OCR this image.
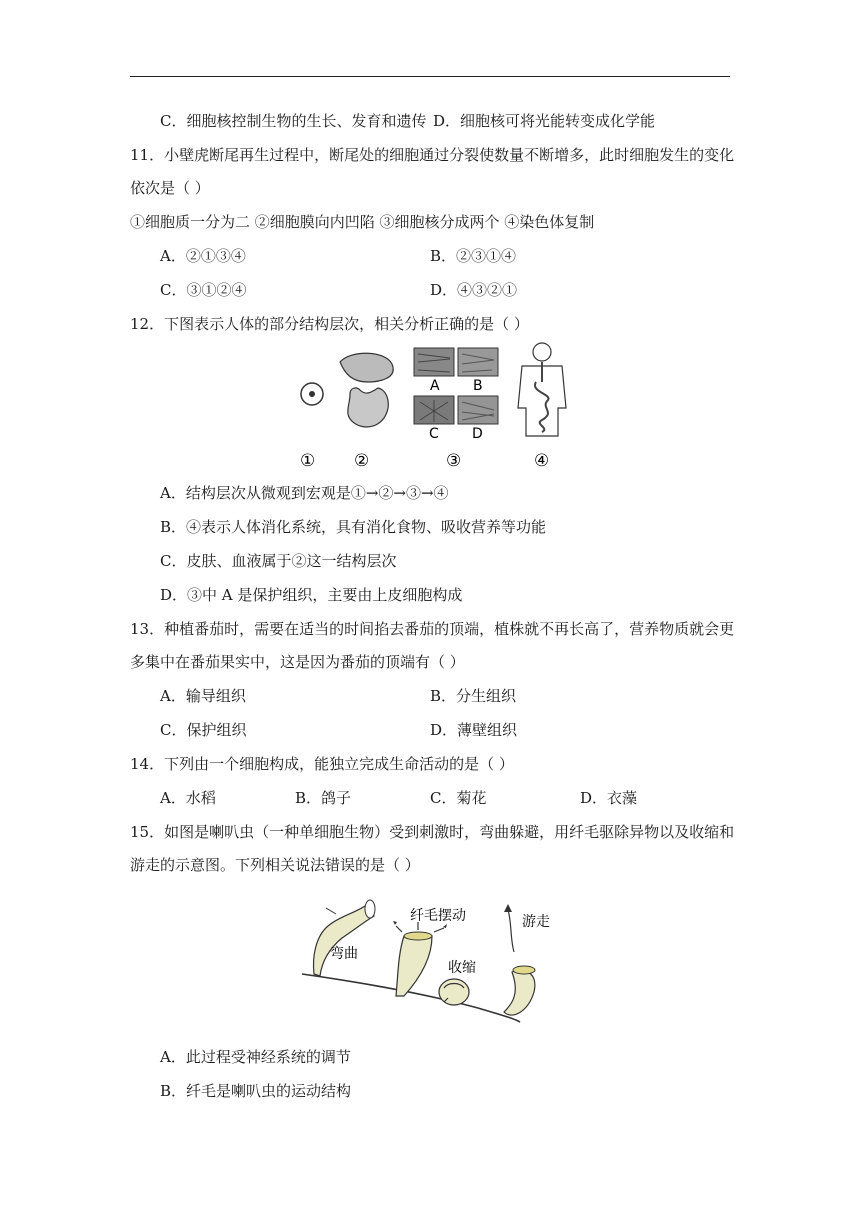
C．细胞核控制生物的生长、发育和遗传 D．细胞核可将光能转变成化学能
11．小壁虎断尾再生过程中，断尾处的细胞通过分裂使数量不断增多，此时细胞发生的变化
依次是（ ）
①细胞质一分为二 ②细胞膜向内凹陷 ③细胞核分成两个 ④染色体复制
A．②①③④	B．②③①④
C．③①②④	D．④③②①
12．下图表示人体的部分结构层次，相关分析正确的是（ ）
A B
C D
① ②	③	④
A．结构层次从微观到宏观是①→②→③→④
B．④表示人体消化系统，具有消化食物、吸收营养等功能
C．皮肤、血液属于②这一结构层次
D．③中 A 是保护组织，主要由上皮细胞构成
13．种植番茄时，需要在适当的时间掐去番茄的顶端，植株就不再长高了，营养物质就会更
多集中在番茄果实中，这是因为番茄的顶端有（ ）
A．输导组织	B．分生组织
C．保护组织	D．薄壁组织
14．下列由一个细胞构成，能独立完成生命活动的是（ ）
A．水稻	B．鸽子	C．菊花	D．衣藻
15．如图是喇叭虫（一种单细胞生物）受到刺激时，弯曲躲避，用纤毛驱除异物以及收缩和
游走的示意图。下列相关说法错误的是（ ）
弯曲
纤毛摆动
收缩
游走
A．此过程受神经系统的调节
B．纤毛是喇叭虫的运动结构
